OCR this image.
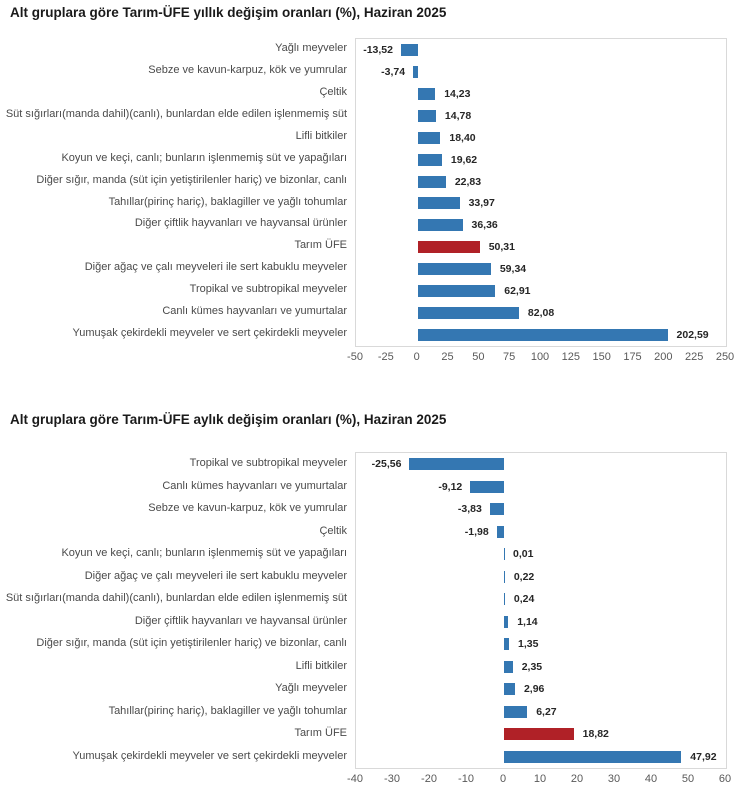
Alt gruplara göre Tarım-ÜFE yıllık değişim oranları (%), Haziran 2025
-13,52
-3,74
14,23
14,78
18,40
19,62
22,83
33,97
36,36
50,31
59,34
62,91
82,08
202,59
-50 -25 0 25 50 75 100 125 150 175 200 225 250
Yağlı meyveler
Sebze ve kavun-karpuz, kök ve yumrular
Çeltik
Süt sığırları(manda dahil)(canlı), bunlardan elde edilen işlenmemiş süt
Lifli bitkiler
Koyun ve keçi, canlı; bunların işlenmemiş süt ve yapağıları
Diğer sığır, manda (süt için yetiştirilenler hariç) ve bizonlar, canlı
Tahıllar(pirinç hariç), baklagiller ve yağlı tohumlar
Diğer çiftlik hayvanları ve hayvansal ürünler
Tarım ÜFE
Diğer ağaç ve çalı meyveleri ile sert kabuklu meyveler
Tropikal ve subtropikal meyveler
Canlı kümes hayvanları ve yumurtalar
Yumuşak çekirdekli meyveler ve sert çekirdekli meyveler
Alt gruplara göre Tarım-ÜFE aylık değişim oranları (%), Haziran 2025
-25,56
-9,12
-3,83
-1,98
0,01
0,22
0,24
1,14
1,35
2,35
2,96
6,27
18,82
47,92
-40 -30 -20 -10 0	10 20 30 40 50 60
Tropikal ve subtropikal meyveler
Canlı kümes hayvanları ve yumurtalar
Sebze ve kavun-karpuz, kök ve yumrular
Çeltik
Koyun ve keçi, canlı; bunların işlenmemiş süt ve yapağıları
Diğer ağaç ve çalı meyveleri ile sert kabuklu meyveler
Süt sığırları(manda dahil)(canlı), bunlardan elde edilen işlenmemiş süt
Diğer çiftlik hayvanları ve hayvansal ürünler
Diğer sığır, manda (süt için yetiştirilenler hariç) ve bizonlar, canlı
Lifli bitkiler
Yağlı meyveler
Tahıllar(pirinç hariç), baklagiller ve yağlı tohumlar
Tarım ÜFE
Yumuşak çekirdekli meyveler ve sert çekirdekli meyveler
